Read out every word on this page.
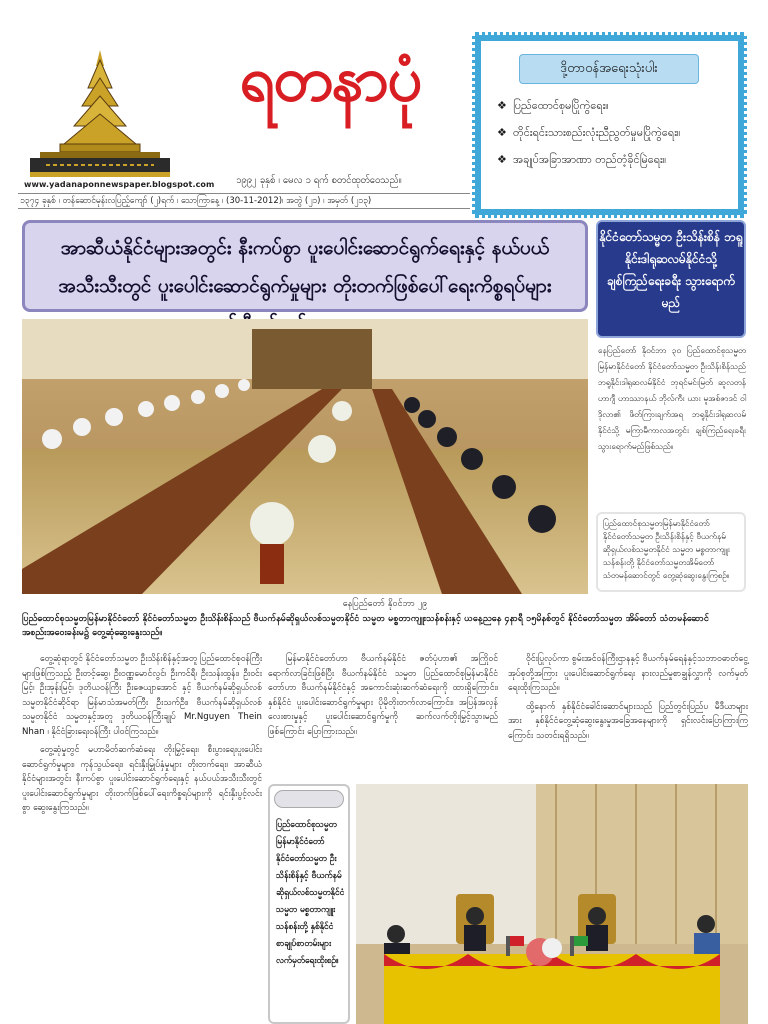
www.yadanaponnewspaper.blogspot.com
ရတနာပုံ
၁၉၉၂ ခုနှစ် ၊ မေလ ၁ ရက် စတင်ထုတ်ဝေသည်။
၁၃၇၄ ခုနှစ် ၊ တန်ဆောင်မုန်းလပြည့်ကျော် (၂)ရက် ၊ သောကြာနေ့ ၊ (30-11-2012)၊ အတွဲ (၂၁) ၊ အမှတ် (၂၁၃)
ဒို့တာဝန်အရေးသုံးပါး
❖ ပြည်ထောင်စုမပြိုကွဲရေး။
❖ တိုင်းရင်းသားစည်းလုံးညီညွတ်မှုမပြိုကွဲရေး။
❖ အချုပ်အခြာအာဏာ တည်တံ့ခိုင်မြဲရေး။
အာဆီယံနိုင်ငံများအတွင်း နီးကပ်စွာ ပူးပေါင်းဆောင်ရွက်ရေးနှင့် နယ်ပယ်အသီးသီးတွင် ပူးပေါင်းဆောင်ရွက်မှုများ တိုးတက်ဖြစ်ပေါ်ရေးကိစ္စရပ်များ
နိုင်ငံတော်သမ္မတ ဦးသိန်းစိန် ဘရူနိုင်းဒါရုဆလမ်နိုင်ငံသို့ ချစ်ကြည်ရေးခရီး သွားရောက်မည်
နေပြည်တော် နိုဝင်ဘာ ၃၀ ပြည်ထောင်စုသမ္မတမြန်မာနိုင်ငံတော် နိုင်ငံတော်သမ္မတ ဦးသိန်းစိန်သည် ဘရူနိုင်းဒါရုဆလမ်နိုင်ငံ ဘုရင်မင်းမြတ် ဆူလတန် ဟာဂျီ ဟာဿာနယ် ဘိုလ်ကီး ယား မူအစ်ဇာဒင် ဝါဒိုလာ၏ ဖိတ်ကြားချက်အရ ဘရူနိုင်းဒါရုဆလမ်နိုင်ငံသို့ မကြာမီကာလအတွင်း ချစ်ကြည်ရေးခရီး သွားရောက်မည်ဖြစ်သည်။
ပြည်ထောင်စုသမ္မတမြန်မာနိုင်ငံတော် နိုင်ငံတော်သမ္မတ ဦးသိန်းစိန်နှင့် ဗီယက်နမ်ဆိုရှယ်လစ်သမ္မတနိုင်ငံ သမ္မတ မစ္စတာကျူးသန်စန်းတို့ နိုင်ငံတော်သမ္မတအိမ်တော် သံတမန်ဆောင်တွင် တွေ့ဆုံဆွေးနွေးကြစဉ်။
နေပြည်တော် နိုဝင်ဘာ ၂၉
ပြည်ထောင်စုသမ္မတမြန်မာနိုင်ငံတော် နိုင်ငံတော်သမ္မတ ဦးသိန်းစိန်သည် ဗီယက်နမ်ဆိုရှယ်လစ်သမ္မတနိုင်ငံ သမ္မတ မစ္စတာကျူးသန်စန်းနှင့် ယနေ့ညနေ ၄နာရီ ၁၅မိနစ်တွင် နိုင်ငံတော်သမ္မတ အိမ်တော် သံတမန်ဆောင်အစည်းအဝေးခန်းမ၌ တွေ့ဆုံဆွေးနွေးသည်။

တွေ့ဆုံရာတွင် နိုင်ငံတော်သမ္မတ ဦးသိန်းစိန်နှင့်အတူ ပြည်ထောင်စုဝန်ကြီးများဖြစ်ကြသည့် ဦးတင့်ဆွေ၊ ဦးဝဏ္ဏမောင်လွင်၊ ဦးကင်ရီ၊ ဦးသန်းထွန်း၊ ဦးဝင်းမြင့်၊ ဦးအုန်းမြင့်၊ ဒုတိယဝန်ကြီး ဦးဇေယျာအောင် နှင့် ဗီယက်နမ်ဆိုရှယ်လစ်သမ္မတနိုင်ငံဆိုင်ရာ မြန်မာသံအမတ်ကြီး ဦးသက်ဦး၊ ဗီယက်နမ်ဆိုရှယ်လစ်သမ္မတနိုင်ငံ သမ္မတနှင့်အတူ ဒုတိယဝန်ကြီးချုပ် Mr.Nguyen Thein Nhan ၊ နိုင်ငံခြားရေးဝန်ကြီး ပါဝင်ကြသည်။

တွေ့ဆုံမှုတွင် မဟာမိတ်ဆက်ဆံရေး တိုးမြှင့်ရေး၊ စီးပွားရေးပူးပေါင်းဆောင်ရွက်မှုများ၊ ကုန်သွယ်ရေး၊ ရင်းနှီးမြှုပ်နှံမှုများ တိုးတက်ရေး၊ အာဆီယံနိုင်ငံများအတွင်း နီးကပ်စွာ ပူးပေါင်းဆောင်ရွက်ရေးနှင့် နယ်ပယ်အသီးသီးတွင် ပူးပေါင်းဆောင်ရွက်မှုများ တိုးတက်ဖြစ်ပေါ်ရေးကိစ္စရပ်များကို ရင်းနှီးပွင့်လင်းစွာ ဆွေးနွေးကြသည်။

မြန်မာနိုင်ငံတော်ဟာ ဗီယက်နမ်နိုင်ငံ ဇတ်ပုံဟာ၏ အကြိုဝင်ရောက်လာခြင်းဖြစ်ပြီး ဗီယက်နမ်နိုင်ငံ သမ္မတ ပြည်ထောင်စုမြန်မာနိုင်ငံတော်ဟာ ဗီယက်နမ်နိုင်ငံနှင့် အကောင်းဆုံးဆက်ဆံရေးကို ထားရှိကြောင်း၊ နှစ်နိုင်ငံ ပူးပေါင်းဆောင်ရွက်မှုများ ပိုမိုတိုးတက်လာကြောင်း၊ အပြန်အလှန်လေးစားမှုနှင့် ပူးပေါင်းဆောင်ရွက်မှုကို ဆက်လက်တိုးမြှင့်သွားမည်ဖြစ်ကြောင်း ပြောကြားသည်။

ဝိုင်းပြုလုပ်ကာ စွမ်းအင်ဝန်ကြီးဌာနနှင့် ဗီယက်နမ်ရေနံနှင့်သဘာဝဓာတ်ငွေ့ အုပ်စုတို့အကြား ပူးပေါင်းဆောင်ရွက်ရေး နားလည်မှုစာချွန်လွှာကို လက်မှတ်ရေးထိုးကြသည်။

ထို့နောက် နှစ်နိုင်ငံခေါင်းဆောင်များသည် ပြည်တွင်းပြည်ပ မီဒီယာများအား နှစ်နိုင်ငံတွေ့ဆုံဆွေးနွေးမှုအခြေအနေများကို ရှင်းလင်းပြောကြားကြကြောင်း သတင်းရရှိသည်။

ပြည်ထောင်စုသမ္မတ မြန်မာနိုင်ငံတော် နိုင်ငံတော်သမ္မတ ဦးသိန်းစိန်နှင့် ဗီယက်နမ်ဆိုရှယ်လစ်သမ္မတနိုင်ငံ သမ္မတ မစ္စတာကျူးသန်စန်းတို့ နှစ်နိုင်ငံ စာချုပ်စာတမ်းများ လက်မှတ်ရေးထိုးစဉ်။
